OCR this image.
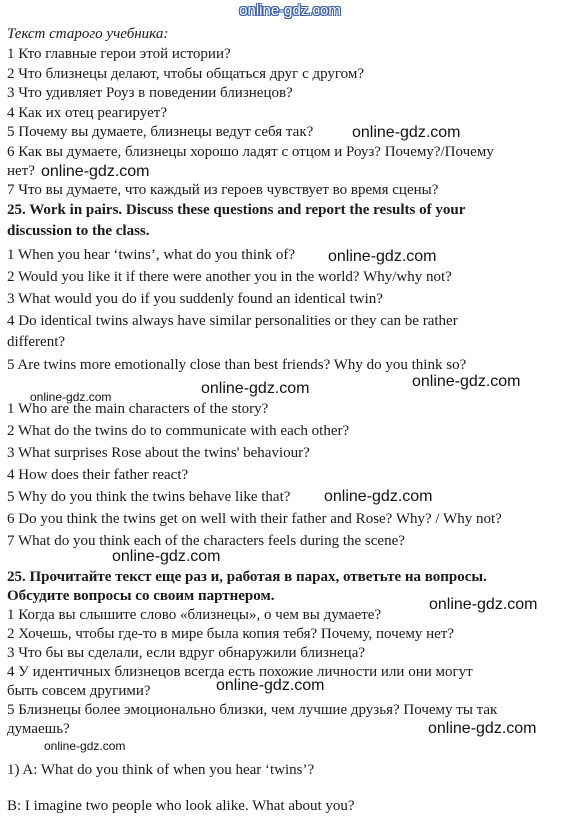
online-gdz.com
Текст старого учебника:
1 Кто главные герои этой истории?
2 Что близнецы делают, чтобы общаться друг с другом?
3 Что удивляет Роуз в поведении близнецов?
4 Как их отец реагирует?
5 Почему вы думаете, близнецы ведут себя так?
6 Как вы думаете, близнецы хорошо ладят с отцом и Роуз? Почему?/Почему
нет?
7 Что вы думаете, что каждый из героев чувствует во время сцены?
25. Work in pairs. Discuss these questions and report the results of your
discussion to the class.
1 When you hear ‘twins’, what do you think of?
2 Would you like it if there were another you in the world? Why/why not?
3 What would you do if you suddenly found an identical twin?
4 Do identical twins always have similar personalities or they can be rather
different?
5 Are twins more emotionally close than best friends? Why do you think so?
1 Who are the main characters of the story?
2 What do the twins do to communicate with each other?
3 What surprises Rose about the twins' behaviour?
4 How does their father react?
5 Why do you think the twins behave like that?
6 Do you think the twins get on well with their father and Rose? Why? / Why not?
7 What do you think each of the characters feels during the scene?
25. Прочитайте текст еще раз и, работая в парах, ответьте на вопросы.
Обсудите вопросы со своим партнером.
1 Когда вы слышите слово «близнецы», о чем вы думаете?
2 Хочешь, чтобы где-то в мире была копия тебя? Почему, почему нет?
3 Что бы вы сделали, если вдруг обнаружили близнеца?
4 У идентичных близнецов всегда есть похожие личности или они могут
быть совсем другими?
5 Близнецы более эмоционально близки, чем лучшие друзья? Почему ты так
думаешь?
1) A: What do you think of when you hear ‘twins’?
B: I imagine two people who look alike. What about you?
online-gdz.com
online-gdz.com
online-gdz.com
online-gdz.com	online-gdz.com	online-gdz.com
online-gdz.com
online-gdz.com
online-gdz.com
online-gdz.com
online-gdz.com
online-gdz.com
